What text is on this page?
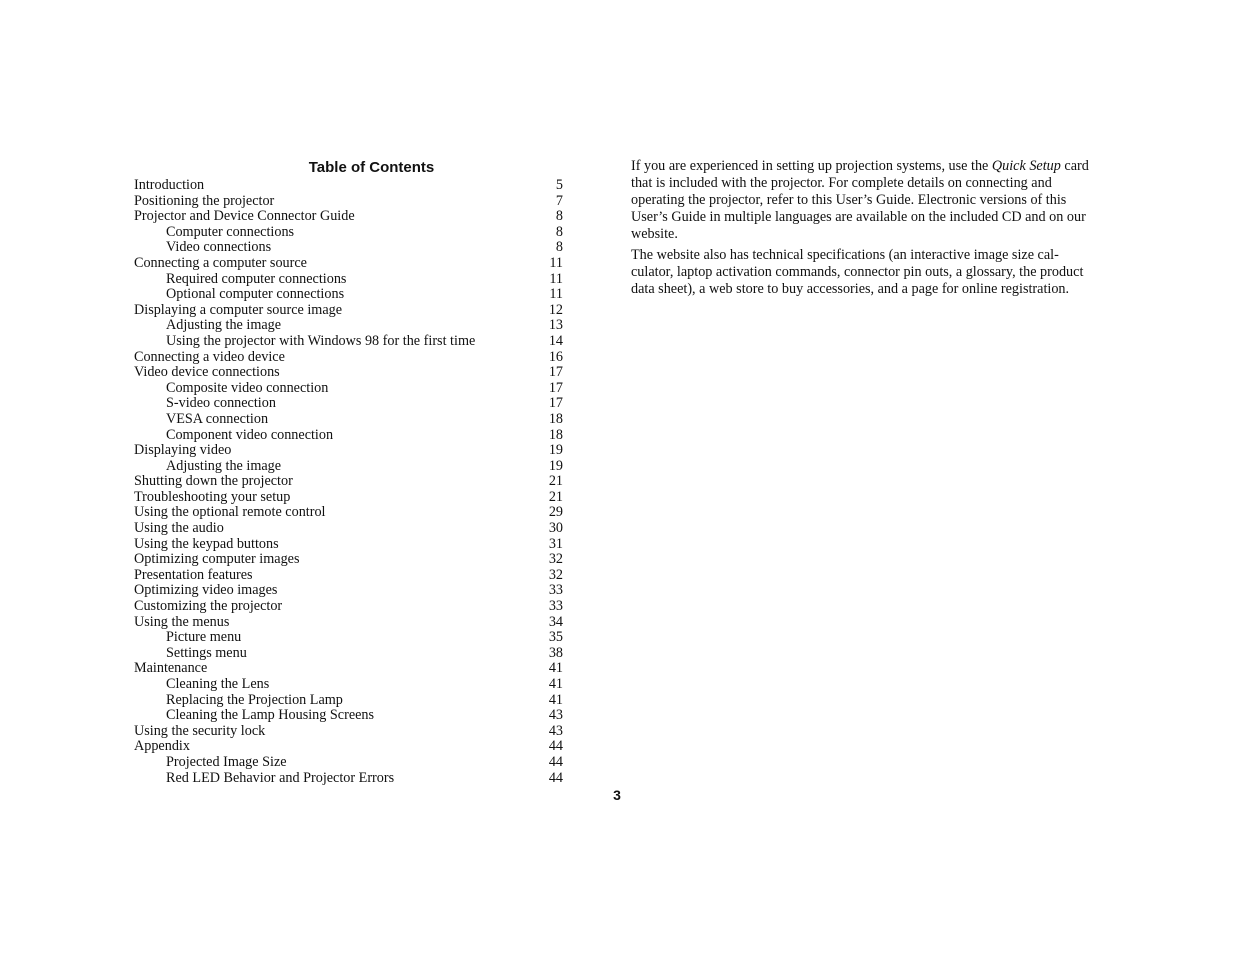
Table of Contents
Introduction	5
Positioning the projector	7
Projector and Device Connector Guide	8
Computer connections	8
Video connections	8
Connecting a computer source	11
Required computer connections	11
Optional computer connections	11
Displaying a computer source image	12
Adjusting the image	13
Using the projector with Windows 98 for the first time	14
Connecting a video device	16
Video device connections	17
Composite video connection	17
S-video connection	17
VESA connection	18
Component video connection	18
Displaying video	19
Adjusting the image	19
Shutting down the projector	21
Troubleshooting your setup	21
Using the optional remote control	29
Using the audio	30
Using the keypad buttons	31
Optimizing computer images	32
Presentation features	32
Optimizing video images	33
Customizing the projector	33
Using the menus	34
Picture menu	35
Settings menu	38
Maintenance	41
Cleaning the Lens	41
Replacing the Projection Lamp	41
Cleaning the Lamp Housing Screens	43
Using the security lock	43
Appendix	44
Projected Image Size	44
Red LED Behavior and Projector Errors	44

If you are experienced in setting up projection systems, use the Quick Setup card that is included with the projector. For complete details on connecting and operating the projector, refer to this User’s Guide. Electronic versions of this User’s Guide in multiple languages are available on the included CD and on our website.

The website also has technical specifications (an interactive image size cal-culator, laptop activation commands, connector pin outs, a glossary, the product data sheet), a web store to buy accessories, and a page for online registration.

3
